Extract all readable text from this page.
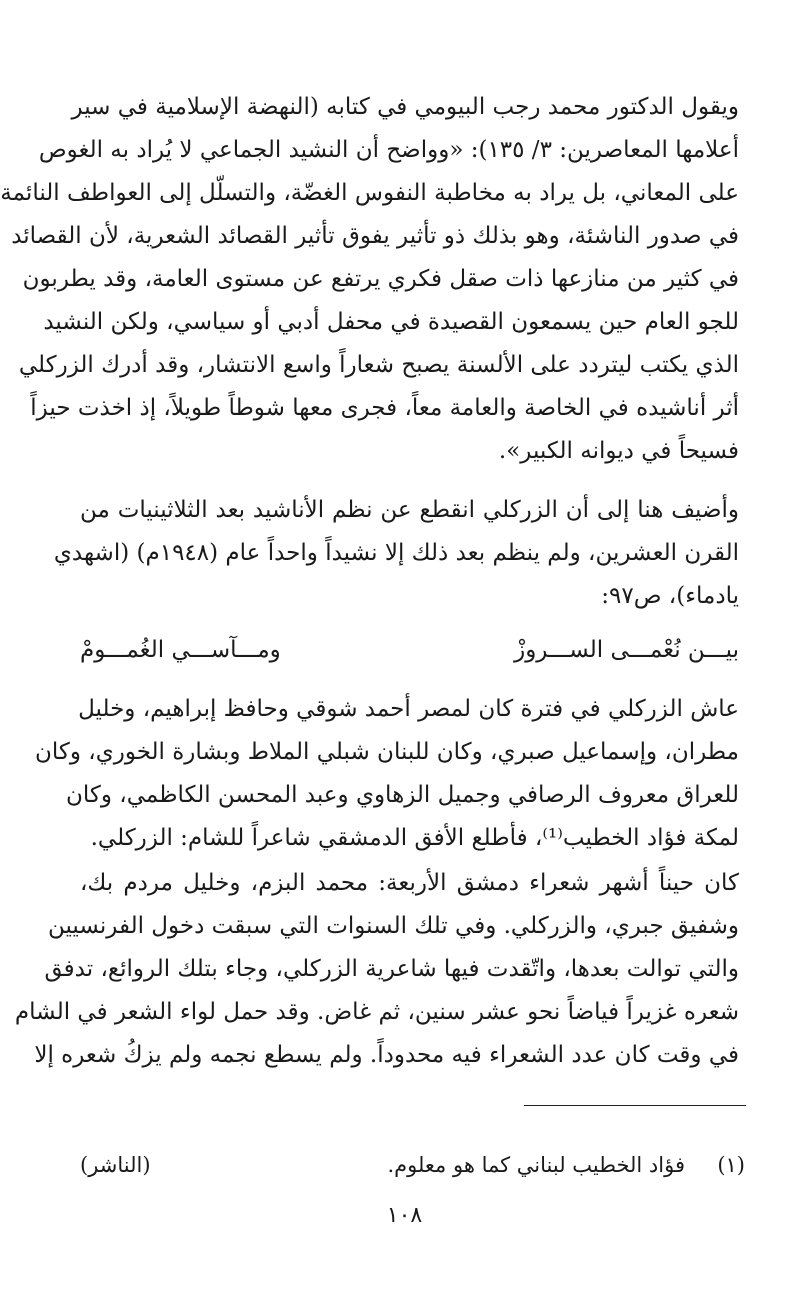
ويقول الدكتور محمد رجب البيومي في كتابه (النهضة الإسلامية في سير
أعلامها المعاصرين: ٣/ ١٣٥): «وواضح أن النشيد الجماعي لا يُراد به الغوص
على المعاني، بل يراد به مخاطبة النفوس الغضّة، والتسلّل إلى العواطف النائمة
في صدور الناشئة، وهو بذلك ذو تأثير يفوق تأثير القصائد الشعرية، لأن القصائد
في كثير من منازعها ذات صقل فكري يرتفع عن مستوى العامة، وقد يطربون
للجو العام حين يسمعون القصيدة في محفل أدبي أو سياسي، ولكن النشيد
الذي يكتب ليتردد على الألسنة يصبح شعاراً واسع الانتشار، وقد أدرك الزركلي
أثر أناشيده في الخاصة والعامة معاً، فجرى معها شوطاً طويلاً، إذ اخذت حيزاً
فسيحاً في ديوانه الكبير».
وأضيف هنا إلى أن الزركلي انقطع عن نظم الأناشيد بعد الثلاثينيات من
القرن العشرين، ولم ينظم بعد ذلك إلا نشيداً واحداً عام (١٩٤٨م) (اشهدي
يادماء)، ص٩٧:
بيـــن نُعْمـــى الســـروزْ
ومـــآســـي الغُمـــومْ
عاش الزركلي في فترة كان لمصر أحمد شوقي وحافظ إبراهيم، وخليل
مطران، وإسماعيل صبري، وكان للبنان شبلي الملاط وبشارة الخوري، وكان
للعراق معروف الرصافي وجميل الزهاوي وعبد المحسن الكاظمي، وكان
لمكة فؤاد الخطيب⁽¹⁾، فأطلع الأفق الدمشقي شاعراً للشام: الزركلي.
كان حيناً أشهر شعراء دمشق الأربعة: محمد البزم، وخليل مردم بك،
وشفيق جبري، والزركلي. وفي تلك السنوات التي سبقت دخول الفرنسيين
والتي توالت بعدها، واتّقدت فيها شاعرية الزركلي، وجاء بتلك الروائع، تدفق
شعره غزيراً فياضاً نحو عشر سنين، ثم غاض. وقد حمل لواء الشعر في الشام
في وقت كان عدد الشعراء فيه محدوداً. ولم يسطع نجمه ولم يزكُ شعره إلا
(١)
فؤاد الخطيب لبناني كما هو معلوم.
(الناشر)
١٠٨
